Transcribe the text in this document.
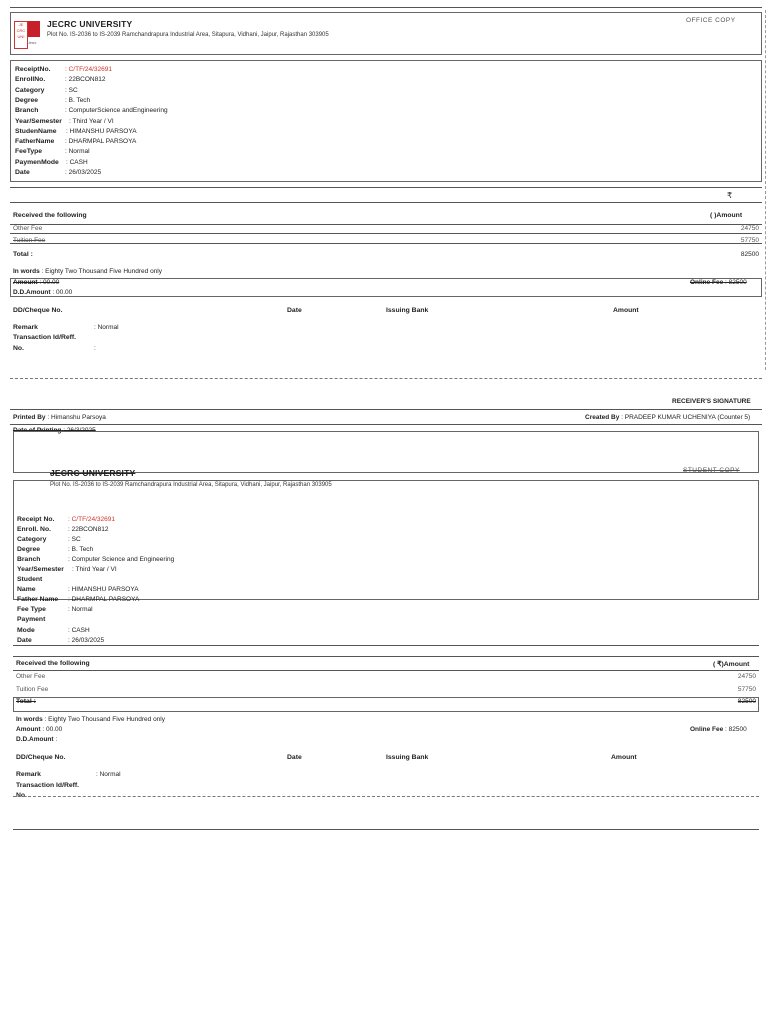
JE
CRC
UNI
Jecrc
JECRC UNIVERSITY
Plot No. IS-2036 to IS-2039 Ramchandrapura Industrial Area, Sitapura, Vidhani, Jaipur, Rajasthan 303905
OFFICE COPY
ReceiptNo. : C/TF/24/32691
EnrollNo.	: 22BCON812
Category	: SC
Degree	: B. Tech
Branch	: ComputerScience andEngineering
Year/Semester : Third Year / VI
StudenName : HIMANSHU PARSOYA
FatherName : DHARMPAL PARSOYA
FeeType	: Normal
PaymenMode : CASH
Date	: 26/03/2025
₹
Received the following	( )Amount
Other Fee	24750
Tuition Fee	57750
Total :	82500
In words : Eighty Two Thousand Five Hundred only
Amount : 00.00	Online Fee : 82500
D.D.Amount : 00.00
DD/Cheque No.	Date	Issuing Bank	Amount
Remark	: Normal
Transaction Id/Reff.
No.	:
RECEIVER'S SIGNATURE
Printed By : Himanshu Parsoya	Created By : PRADEEP KUMAR UCHENIYA (Counter 5)
Date of Printing : 26/3/2025
JECRC UNIVERSITY	STUDENT COPY
Plot No. IS-2036 to IS-2039 Ramchandrapura Industrial Area, Sitapura, Vidhani, Jaipur, Rajasthan 303905
Receipt No. : C/TF/24/32691
Enroll. No.	: 22BCON812
Category	: SC
Degree	: B. Tech
Branch	: Computer Science and Engineering
Year/Semester : Third Year / VI
Student
Name	: HIMANSHU PARSOYA
Father Name : DHARMPAL PARSOYA
Fee Type	: Normal
Payment
Mode	: CASH
Date	: 26/03/2025
Received the following	( ₹)Amount
Other Fee	24750
Tuition Fee	57750
Total :	82500
In words : Eighty Two Thousand Five Hundred only
Amount : 00.00	Online Fee : 82500
D.D.Amount :
DD/Cheque No.	Date	Issuing Bank	Amount
Remark	: Normal
Transaction Id/Reff.
No.
